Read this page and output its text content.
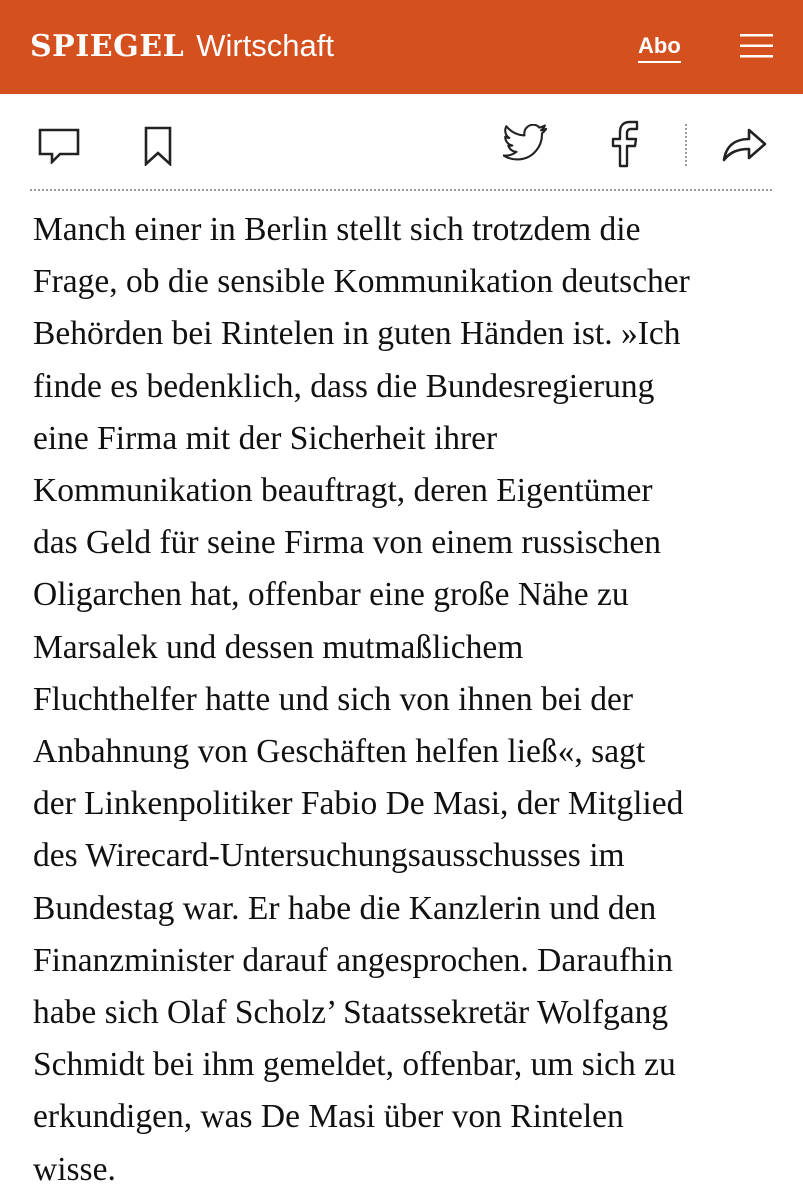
SPIEGEL Wirtschaft	Abo

Manch einer in Berlin stellt sich trotzdem die
Frage, ob die sensible Kommunikation deutscher
Behörden bei Rintelen in guten Händen ist. »Ich
finde es bedenklich, dass die Bundesregierung
eine Firma mit der Sicherheit ihrer
Kommunikation beauftragt, deren Eigentümer
das Geld für seine Firma von einem russischen
Oligarchen hat, offenbar eine große Nähe zu
Marsalek und dessen mutmaßlichem
Fluchthelfer hatte und sich von ihnen bei der
Anbahnung von Geschäften helfen ließ«, sagt
der Linkenpolitiker Fabio De Masi, der Mitglied
des Wirecard-Untersuchungsausschusses im
Bundestag war. Er habe die Kanzlerin und den
Finanzminister darauf angesprochen. Daraufhin
habe sich Olaf Scholz’ Staatssekretär Wolfgang
Schmidt bei ihm gemeldet, offenbar, um sich zu
erkundigen, was De Masi über von Rintelen
wisse.
